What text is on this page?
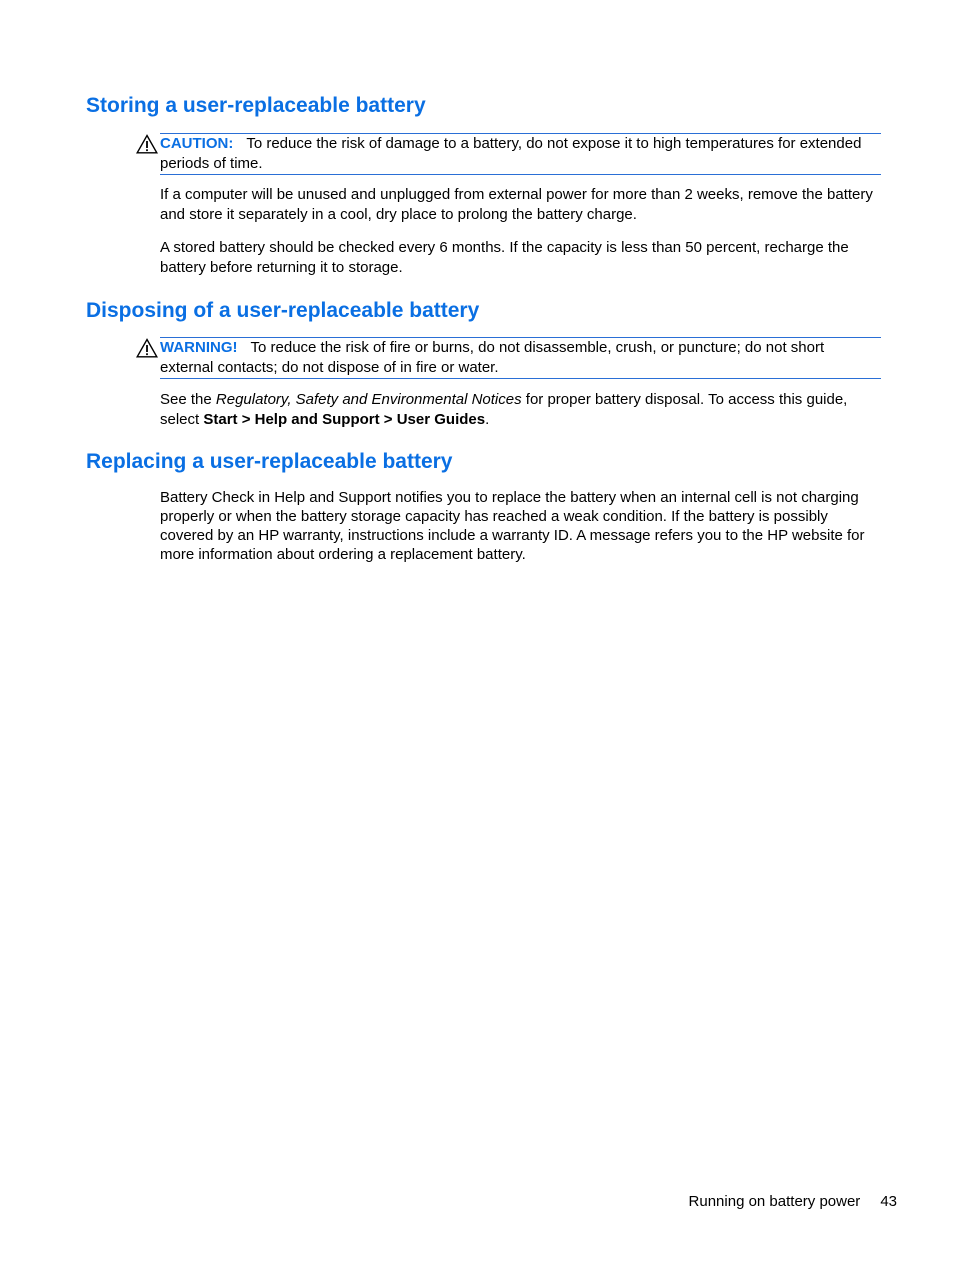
Storing a user-replaceable battery
CAUTION: To reduce the risk of damage to a battery, do not expose it to high temperatures for extended periods of time.

If a computer will be unused and unplugged from external power for more than 2 weeks, remove the battery and store it separately in a cool, dry place to prolong the battery charge.

A stored battery should be checked every 6 months. If the capacity is less than 50 percent, recharge the battery before returning it to storage.

Disposing of a user-replaceable battery
WARNING! To reduce the risk of fire or burns, do not disassemble, crush, or puncture; do not short external contacts; do not dispose of in fire or water.

See the Regulatory, Safety and Environmental Notices for proper battery disposal. To access this guide, select Start > Help and Support > User Guides.

Replacing a user-replaceable battery

Battery Check in Help and Support notifies you to replace the battery when an internal cell is not charging properly or when the battery storage capacity has reached a weak condition. If the battery is possibly covered by an HP warranty, instructions include a warranty ID. A message refers you to the HP website for more information about ordering a replacement battery.

Running on battery power 43
